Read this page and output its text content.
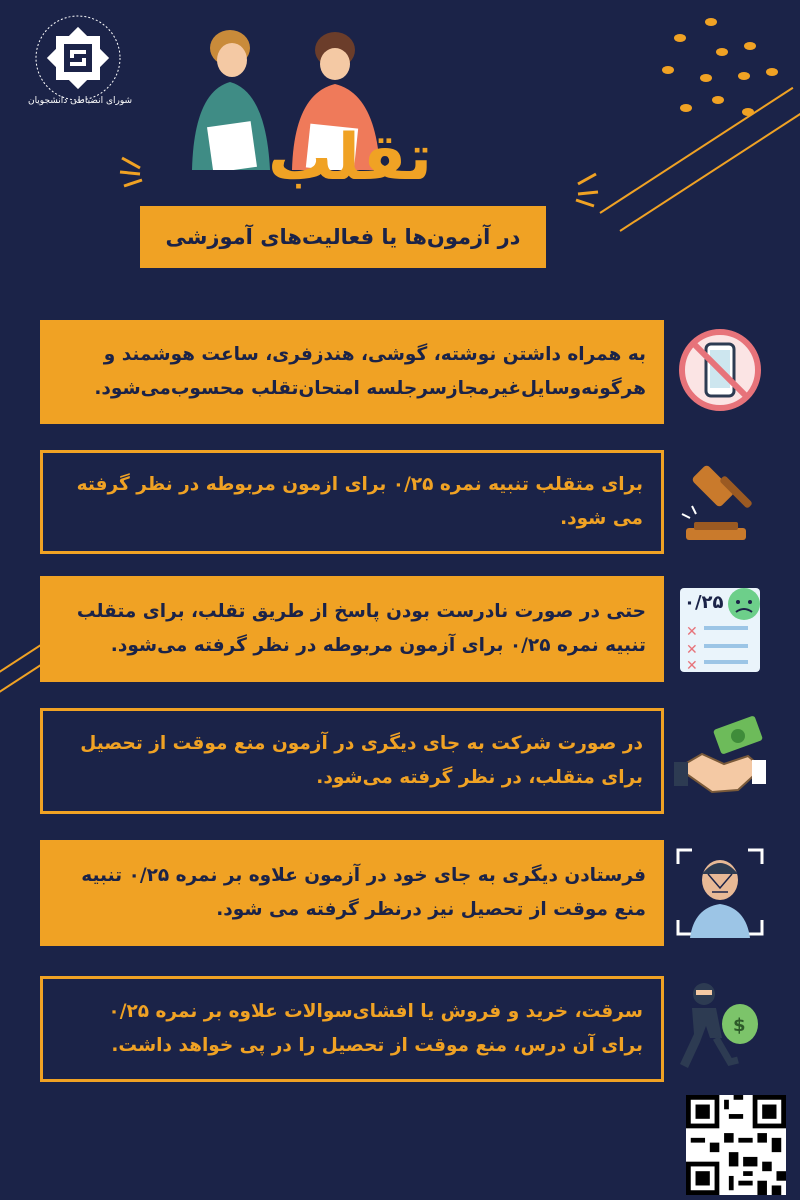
شورای انضباطی دانشجویان
تقلب
در آزمون‌ها یا فعالیت‌های آموزشی
به همراه داشتن نوشته، گوشی، هندزفری، ساعت هوشمند و هرگونه‌وسایل‌غیرمجازسرجلسه امتحان‌تقلب محسوب‌می‌شود.
برای متقلب تنبیه نمره ۰/۲۵ برای ازمون مربوطه در نظر گرفته می شود.
حتی در صورت نادرست بودن پاسخ از طریق تقلب، برای متقلب تنبیه نمره ۰/۲۵ برای آزمون مربوطه در نظر گرفته می‌شود.
۰/۲۵
✕
✕
✕
در صورت شرکت به جای دیگری در آزمون منع موقت از تحصیل برای متقلب، در نظر گرفته می‌شود.
فرستادن دیگری به جای خود در آزمون علاوه بر نمره ۰/۲۵ تنبیه منع موقت از تحصیل نیز درنظر گرفته می شود.
سرقت، خرید و فروش یا افشای‌سوالات علاوه بر نمره ۰/۲۵ برای آن درس، منع موقت از تحصیل را در پی خواهد داشت.
$
